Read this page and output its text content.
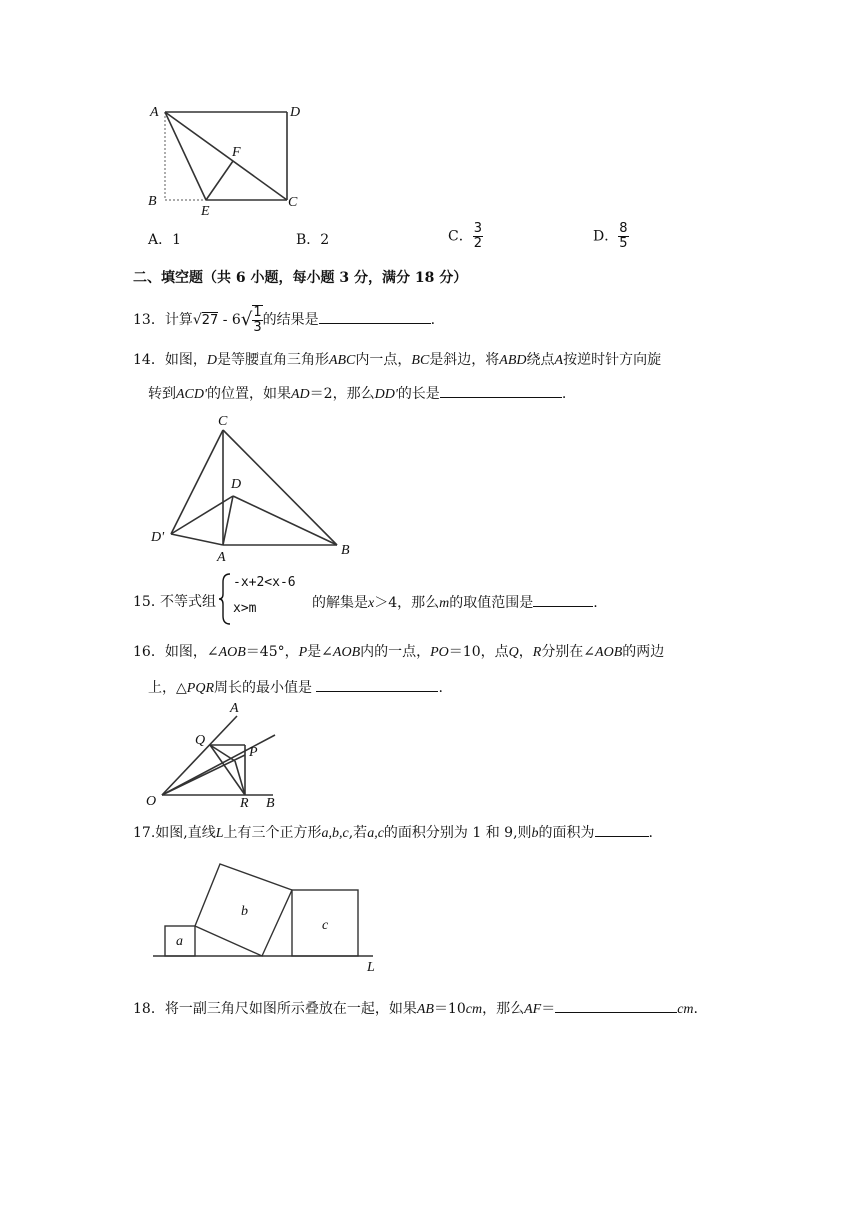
A	D
F
B
E
C
A．1	B．2	C． $\frac{3}{2}$	D． $\frac{8}{5}$
二、填空题（共 6 小题，每小题 3 分，满分 18 分）
13．计算$√27 - 6√ \frac{1}{3}$ 的结果是	.
14．如图，D是等腰直角三角形ABC内一点，BC是斜边，将ABD绕点A按逆时针方向旋
转到ACD'的位置，如果AD＝2，那么DD'的长是	.
C
D
D'
A	B
15．
不等式组
-x+2<x-6
x>m	的解集是x＞4，那么m的取值范围是	.
16．如图，∠AOB＝45°，P是∠AOB内的一点，PO＝10，点Q，R分别在∠AOB的两边
上，△PQR周长的最小值是	.
A
Q
P
O	R B
17.如图,直线L上有三个正方形a,b,c,若a,c的面积分别为 1 和 9,则b的面积为	.
a
b
c
L
18．将一副三角尺如图所示叠放在一起，如果AB＝10cm，那么AF＝	cm.
